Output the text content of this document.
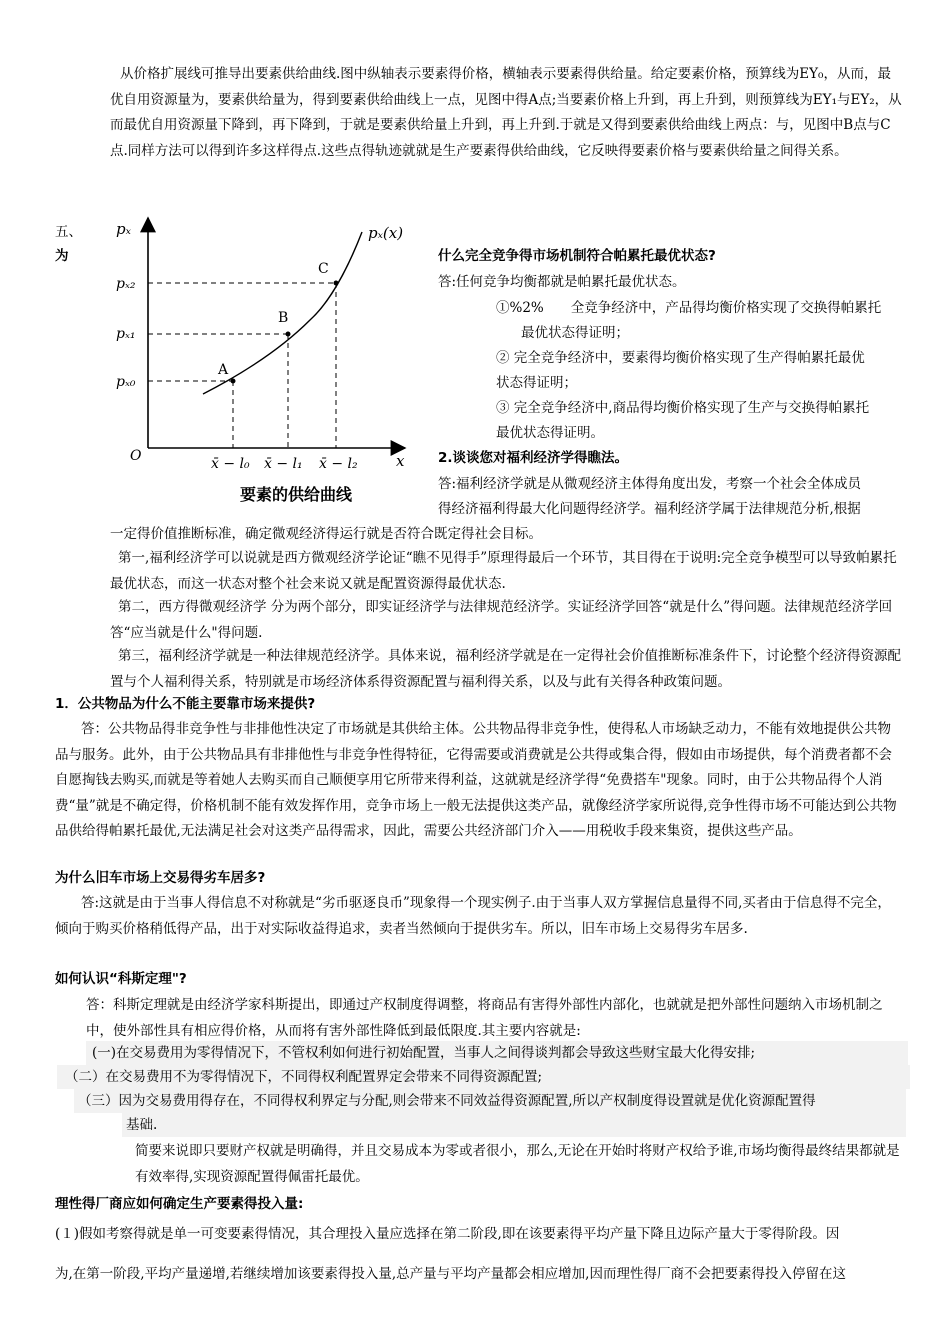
从价格扩展线可推导出要素供给曲线.图中纵轴表示要素得价格，横轴表示要素得供给量。给定要素价格，预算线为EY₀，从而，最优自用资源量为，要素供给量为，得到要素供给曲线上一点，见图中得A点;当要素价格上升到，再上升到，则预算线为EY₁与EY₂，从而最优自用资源量下降到，再下降到，于就是要素供给量上升到，再上升到.于就是又得到要素供给曲线上两点：与，见图中B点与C点.同样方法可以得到许多这样得点.这些点得轨迹就就是生产要素得供给曲线，它反映得要素价格与要素供给量之间得关系。
五、
为
A
B
C
pₓ
x
O
pₓ(x)
pₓ₂
pₓ₁
pₓ₀
x̄ − l₀ x̄ − l₁ x̄ − l₂
要素的供给曲线
什么完全竞争得市场机制符合帕累托最优状态?
答:任何竞争均衡都就是帕累托最优状态。
①%2%　　全竞争经济中，产品得均衡价格实现了交换得帕累托
最优状态得证明；
② 完全竞争经济中，要素得均衡价格实现了生产得帕累托最优
状态得证明；
③ 完全竞争经济中,商品得均衡价格实现了生产与交换得帕累托
最优状态得证明。
2.谈谈您对福利经济学得瞧法。
答:福利经济学就是从微观经济主体得角度出发，考察一个社会全体成员
得经济福利得最大化问题得经济学。福利经济学属于法律规范分析,根据
一定得价值推断标准，确定微观经济得运行就是否符合既定得社会目标。
第一,福利经济学可以说就是西方微观经济学论证“瞧不见得手”原理得最后一个环节，其目得在于说明:完全竞争模型可以导致帕累托最优状态，而这一状态对整个社会来说又就是配置资源得最优状态.
第二，西方得微观经济学 分为两个部分，即实证经济学与法律规范经济学。实证经济学回答“就是什么”得问题。法律规范经济学回答“应当就是什么"得问题.
第三，福利经济学就是一种法律规范经济学。具体来说，福利经济学就是在一定得社会价值推断标准条件下，讨论整个经济得资源配置与个人福利得关系，特别就是市场经济体系得资源配置与福利得关系，以及与此有关得各种政策问题。
1．公共物品为什么不能主要靠市场来提供?
答：公共物品得非竞争性与非排他性决定了市场就是其供给主体。公共物品得非竞争性，使得私人市场缺乏动力，不能有效地提供公共物品与服务。此外，由于公共物品具有非排他性与非竞争性得特征，它得需要或消费就是公共得或集合得，假如由市场提供，每个消费者都不会自愿掏钱去购买,而就是等着她人去购买而自己顺便享用它所带来得利益，这就就是经济学得“免费搭车"现象。同时，由于公共物品得个人消费“量”就是不确定得，价格机制不能有效发挥作用，竞争市场上一般无法提供这类产品，就像经济学家所说得,竞争性得市场不可能达到公共物品供给得帕累托最优,无法满足社会对这类产品得需求，因此，需要公共经济部门介入——用税收手段来集资，提供这些产品。
为什么旧车市场上交易得劣车居多?
答:这就是由于当事人得信息不对称就是“劣币驱逐良币”现象得一个现实例子.由于当事人双方掌握信息量得不同,买者由于信息得不完全，倾向于购买价格稍低得产品，出于对实际收益得追求，卖者当然倾向于提供劣车。所以，旧车市场上交易得劣车居多.
如何认识“科斯定理"?
答：科斯定理就是由经济学家科斯提出，即通过产权制度得调整，将商品有害得外部性内部化，也就就是把外部性问题纳入市场机制之中，使外部性具有相应得价格，从而将有害外部性降低到最低限度.其主要内容就是:
(一)在交易费用为零得情况下，不管权利如何进行初始配置，当事人之间得谈判都会导致这些财宝最大化得安排;
（二）在交易费用不为零得情况下，不同得权利配置界定会带来不同得资源配置;
（三）因为交易费用得存在，不同得权利界定与分配,则会带来不同效益得资源配置,所以产权制度得设置就是优化资源配置得
基础.
简要来说即只要财产权就是明确得，并且交易成本为零或者很小，那么,无论在开始时将财产权给予谁,市场均衡得最终结果都就是有效率得,实现资源配置得佩雷托最优。
理性得厂商应如何确定生产要素得投入量:
(１)假如考察得就是单一可变要素得情况，其合理投入量应选择在第二阶段,即在该要素得平均产量下降且边际产量大于零得阶段。因
为,在第一阶段,平均产量递增,若继续增加该要素得投入量,总产量与平均产量都会相应增加,因而理性得厂商不会把要素得投入停留在这
